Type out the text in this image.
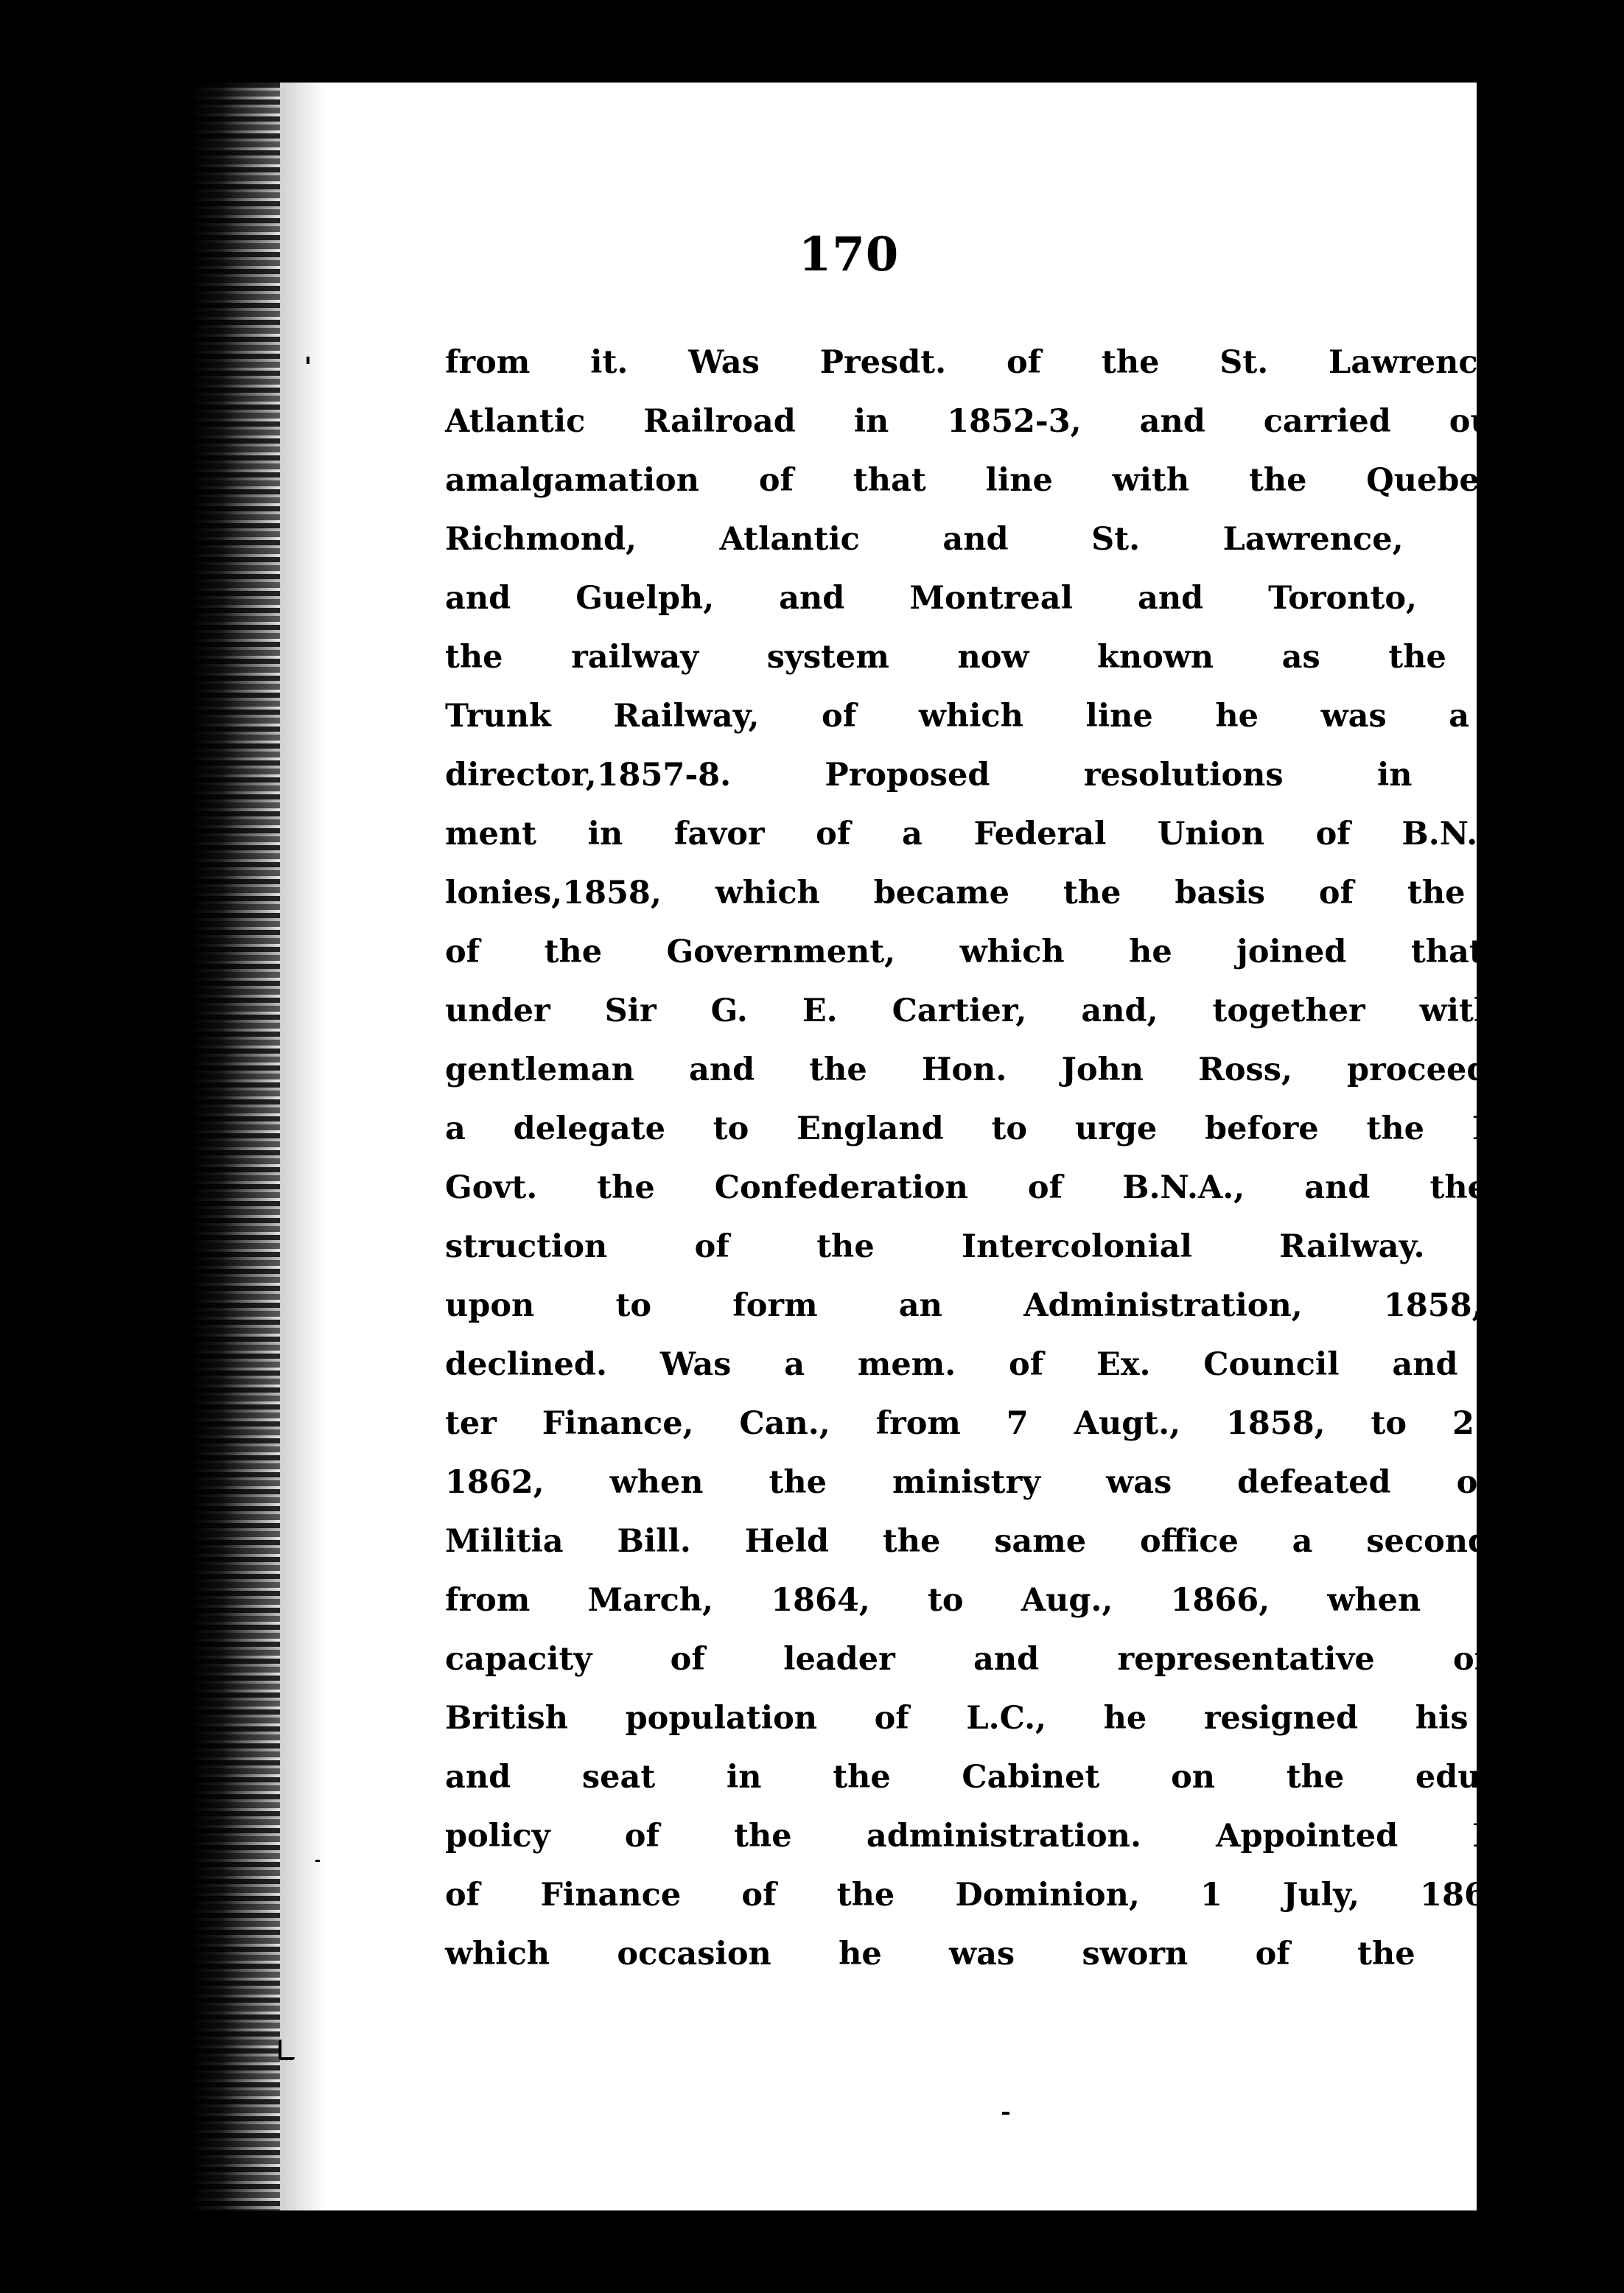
170
from it. Was Presdt. of the St. Lawrence and
Atlantic Railroad in 1852-3, and carried out the
amalgamation of that line with the Quebec and
Richmond, Atlantic and St. Lawrence, Toronto
and Guelph, and Montreal and Toronto, forming
the railway system now known as the Grand
Trunk Railway, of which line he was a Govt.
director,1857-8. Proposed resolutions in Parlia-
ment in favor of a Federal Union of B.N.A. Co-
lonies,1858, which became the basis of the policy
of the Government, which he joined that year
under Sir G. E. Cartier, and, together with that
gentleman and the Hon. John Ross, proceeded as
a delegate to England to urge before the Imperial
Govt. the Confederation of B.N.A., and the con-
struction of the Intercolonial Railway. Called
upon to form an Administration, 1858, but
declined. Was a mem. of Ex. Council and Minis-
ter Finance, Can., from 7 Augt., 1858, to 21 May,
1862, when the ministry was defeated on the
Militia Bill. Held the same office a second time
from March, 1864, to Aug., 1866, when in his
capacity of leader and representative of the
British population of L.C., he resigned his office
and seat in the Cabinet on the educational
policy of the administration. Appointed Minister
of Finance of the Dominion, 1 July, 1867, on
which occasion he was sworn of the Queen's
